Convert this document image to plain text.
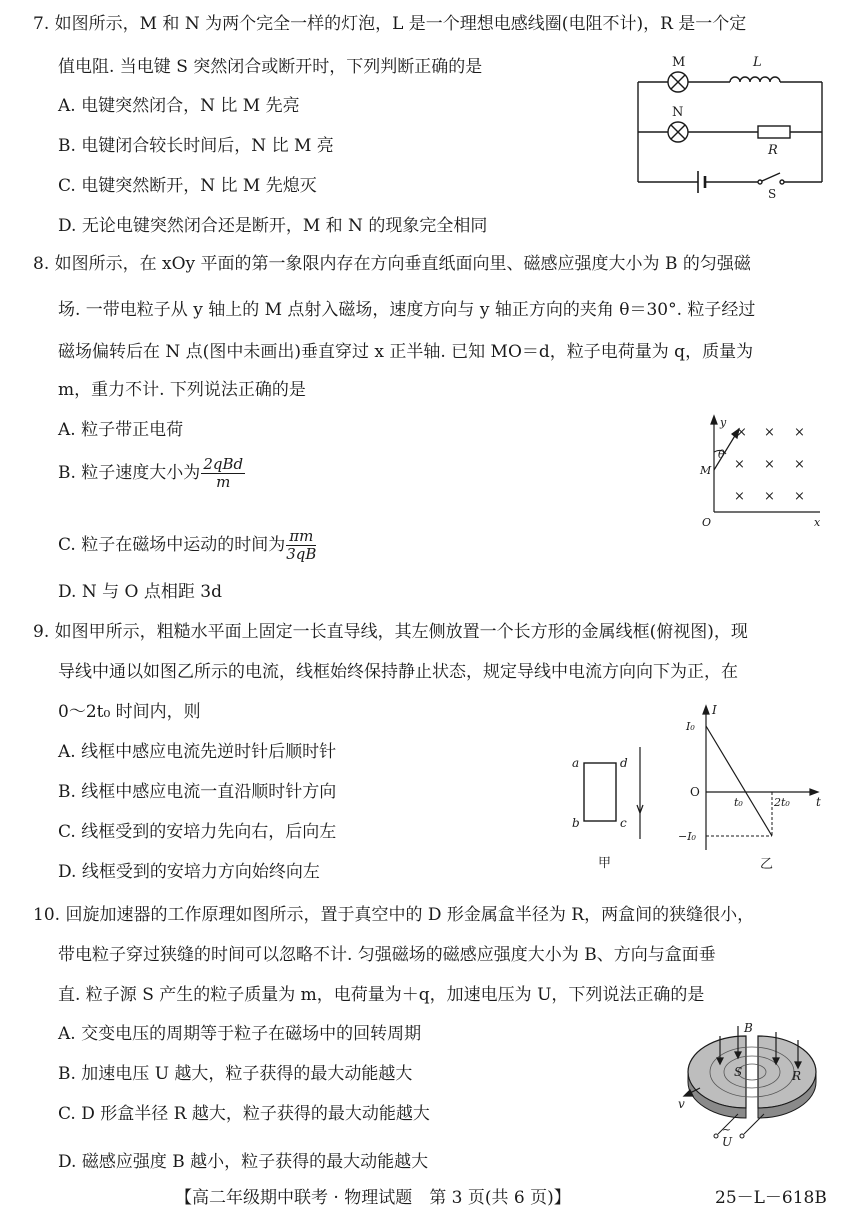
7. 如图所示，M 和 N 为两个完全一样的灯泡，L 是一个理想电感线圈(电阻不计)，R 是一个定
值电阻. 当电键 S 突然闭合或断开时，下列判断正确的是
A. 电键突然闭合，N 比 M 先亮
B. 电键闭合较长时间后，N 比 M 亮
C. 电键突然断开，N 比 M 先熄灭
D. 无论电键突然闭合还是断开，M 和 N 的现象完全相同
M	L
N
R
S
8. 如图所示，在 xOy 平面的第一象限内存在方向垂直纸面向里、磁感应强度大小为 B 的匀强磁
场. 一带电粒子从 y 轴上的 M 点射入磁场，速度方向与 y 轴正方向的夹角 θ＝30°. 粒子经过
磁场偏转后在 N 点(图中未画出)垂直穿过 x 正半轴. 已知 MO＝d，粒子电荷量为 q，质量为
m，重力不计. 下列说法正确的是
A. 粒子带正电荷
B. 粒子速度大小为 $\frac{\text{2qBd}}{m}$
C. 粒子在磁场中运动的时间为 $\frac{\pi m}{3qB}$
D. N 与 O 点相距 3d
y
x
O
M
θ
× × ×
× × ×
× × ×
9. 如图甲所示，粗糙水平面上固定一长直导线，其左侧放置一个长方形的金属线框(俯视图)，现
导线中通以如图乙所示的电流，线框始终保持静止状态，规定导线中电流方向向下为正，在
0～2t₀ 时间内，则
A. 线框中感应电流先逆时针后顺时针
B. 线框中感应电流一直沿顺时针方向
C. 线框受到的安培力先向右，后向左
D. 线框受到的安培力方向始终向左
a	d
b	c
甲
I
I₀
O
−I₀
t₀	2t₀ t
乙
10. 回旋加速器的工作原理如图所示，置于真空中的 D 形金属盒半径为 R，两盒间的狭缝很小，
带电粒子穿过狭缝的时间可以忽略不计. 匀强磁场的磁感应强度大小为 B、方向与盒面垂
直. 粒子源 S 产生的粒子质量为 m，电荷量为＋q，加速电压为 U，下列说法正确的是
A. 交变电压的周期等于粒子在磁场中的回转周期
B. 加速电压 U 越大，粒子获得的最大动能越大
C. D 形盒半径 R 越大，粒子获得的最大动能越大
D. 磁感应强度 B 越小，粒子获得的最大动能越大
B
S	R
v
U
~
【高二年级期中联考 · 物理试题　第 3 页(共 6 页)】	25－L－618B
